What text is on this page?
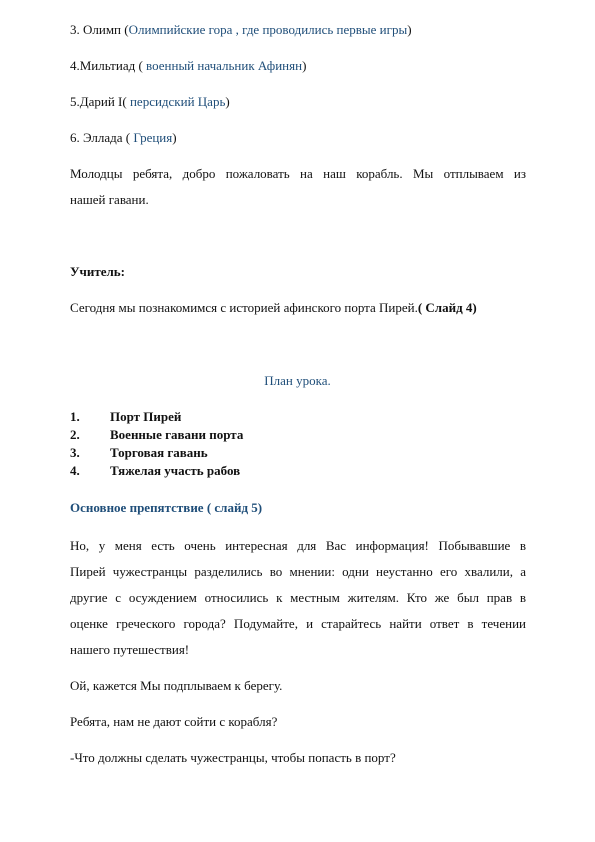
3. Олимп (Олимпийские гора , где проводились первые игры)
4.Мильтиад ( военный начальник Афинян)
5.Дарий I( персидский Царь)
6. Эллада ( Греция)
Молодцы ребята, добро пожаловать на наш корабль. Мы отплываем из
нашей гавани.
Учитель:
Сегодня мы познакомимся с историей афинского порта Пирей.( Слайд 4)
План урока.
1. Порт Пирей
2. Военные гавани порта
3. Торговая гавань
4. Тяжелая участь рабов
Основное препятствие ( слайд 5)
Но, у меня есть очень интересная для Вас информация! Побывавшие в
Пирей чужестранцы разделились во мнении: одни неустанно его хвалили, а
другие с осуждением относились к местным жителям. Кто же был прав в
оценке греческого города? Подумайте, и старайтесь найти ответ в течении
нашего путешествия!
Ой, кажется Мы подплываем к берегу.
Ребята, нам не дают сойти с корабля?
-Что должны сделать чужестранцы, чтобы попасть в порт?
